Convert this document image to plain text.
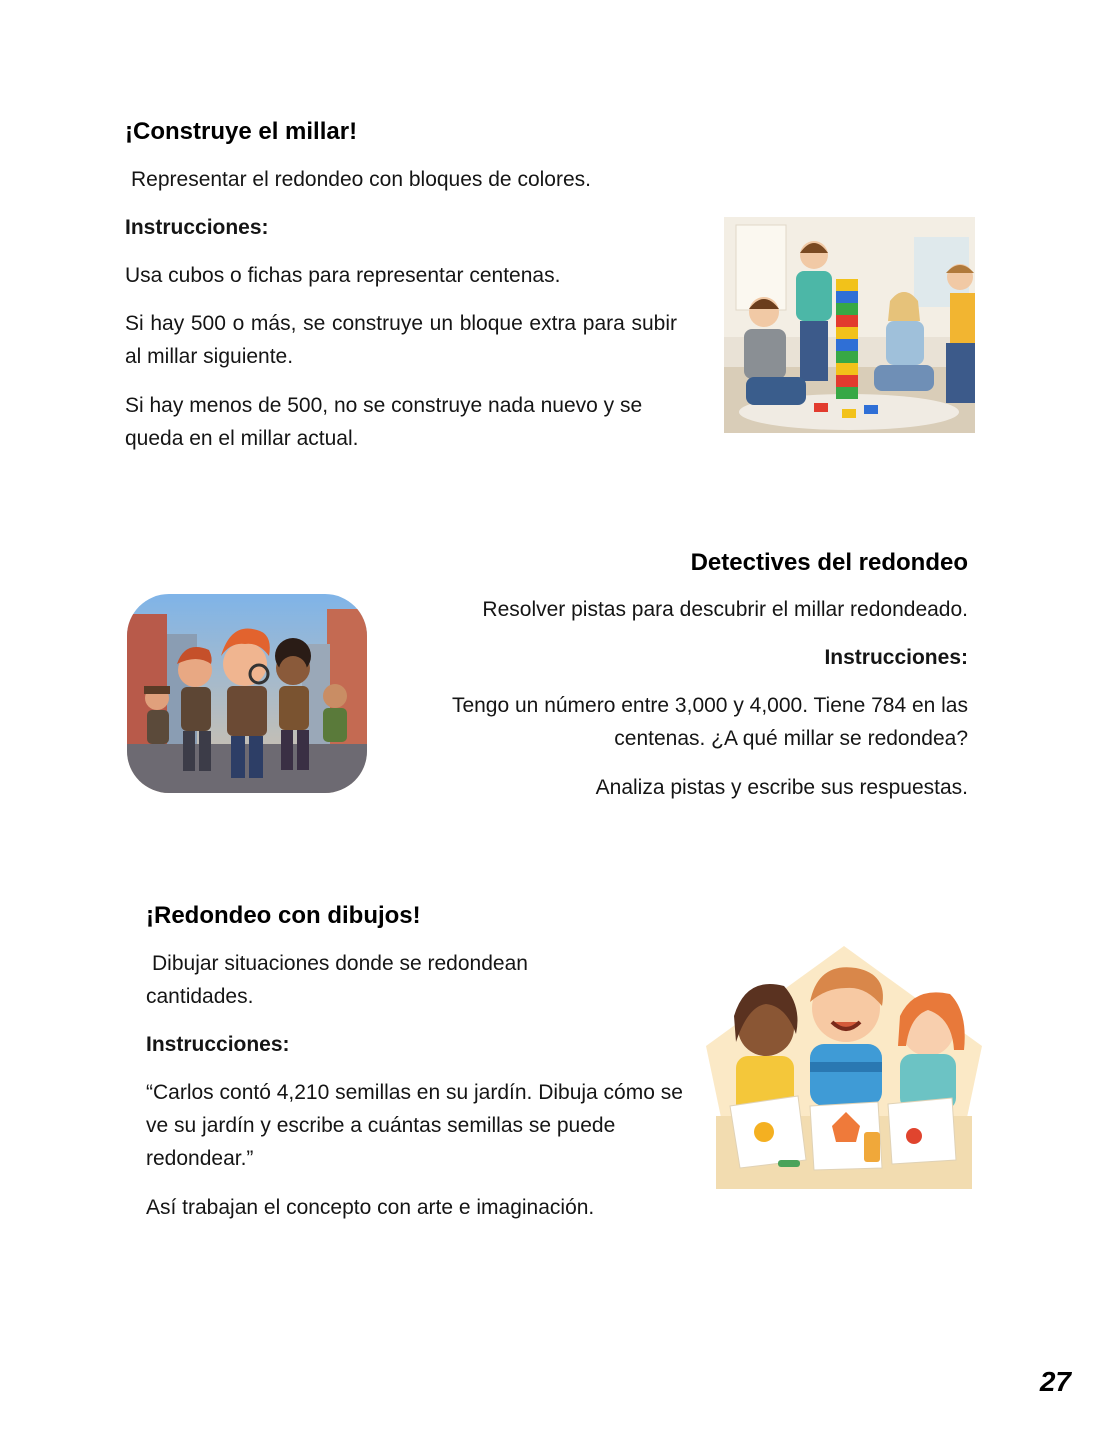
¡Construye el millar!

Representar el redondeo con bloques de colores.

Instrucciones:

Usa cubos o fichas para representar centenas.

Si hay 500 o más, se construye un bloque extra para subir al millar siguiente.

Si hay menos de 500, no se construye nada nuevo y se queda en el millar actual.

Detectives del redondeo

Resolver pistas para descubrir el millar redondeado.

Instrucciones:

Tengo un número entre 3,000 y 4,000. Tiene 784 en las centenas. ¿A qué millar se redondea?

Analiza pistas y escribe sus respuestas.

¡Redondeo con dibujos!

Dibujar situaciones donde se redondean cantidades.

Instrucciones:

“Carlos contó 4,210 semillas en su jardín. Dibuja cómo se ve su jardín y escribe a cuántas semillas se puede redondear.”

Así trabajan el concepto con arte e imaginación.

27
